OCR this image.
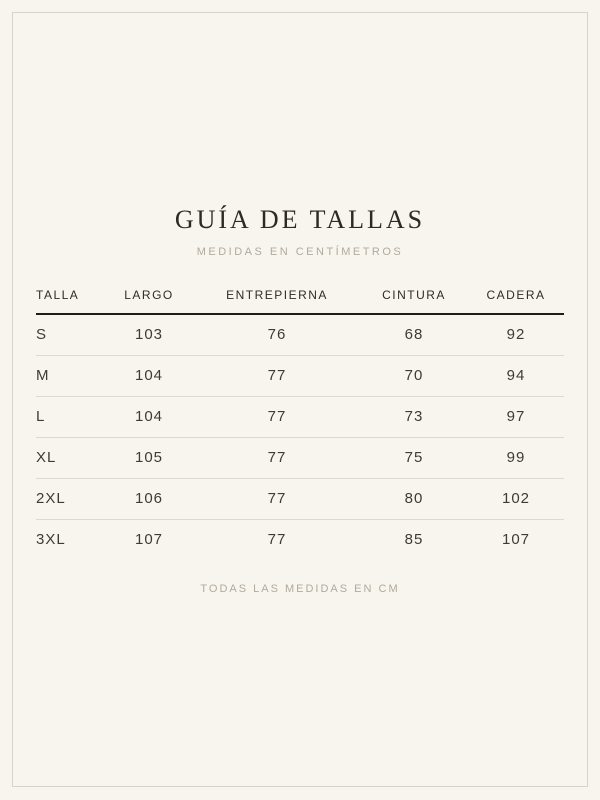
GUÍA DE TALLAS
MEDIDAS EN CENTÍMETROS
TALLA	LARGO	ENTREPIERNA	CINTURA	CADERA
S	103	76	68	92
M	104	77	70	94
L	104	77	73	97
XL	105	77	75	99
2XL	106	77	80	102
3XL	107	77	85	107
TODAS LAS MEDIDAS EN CM
